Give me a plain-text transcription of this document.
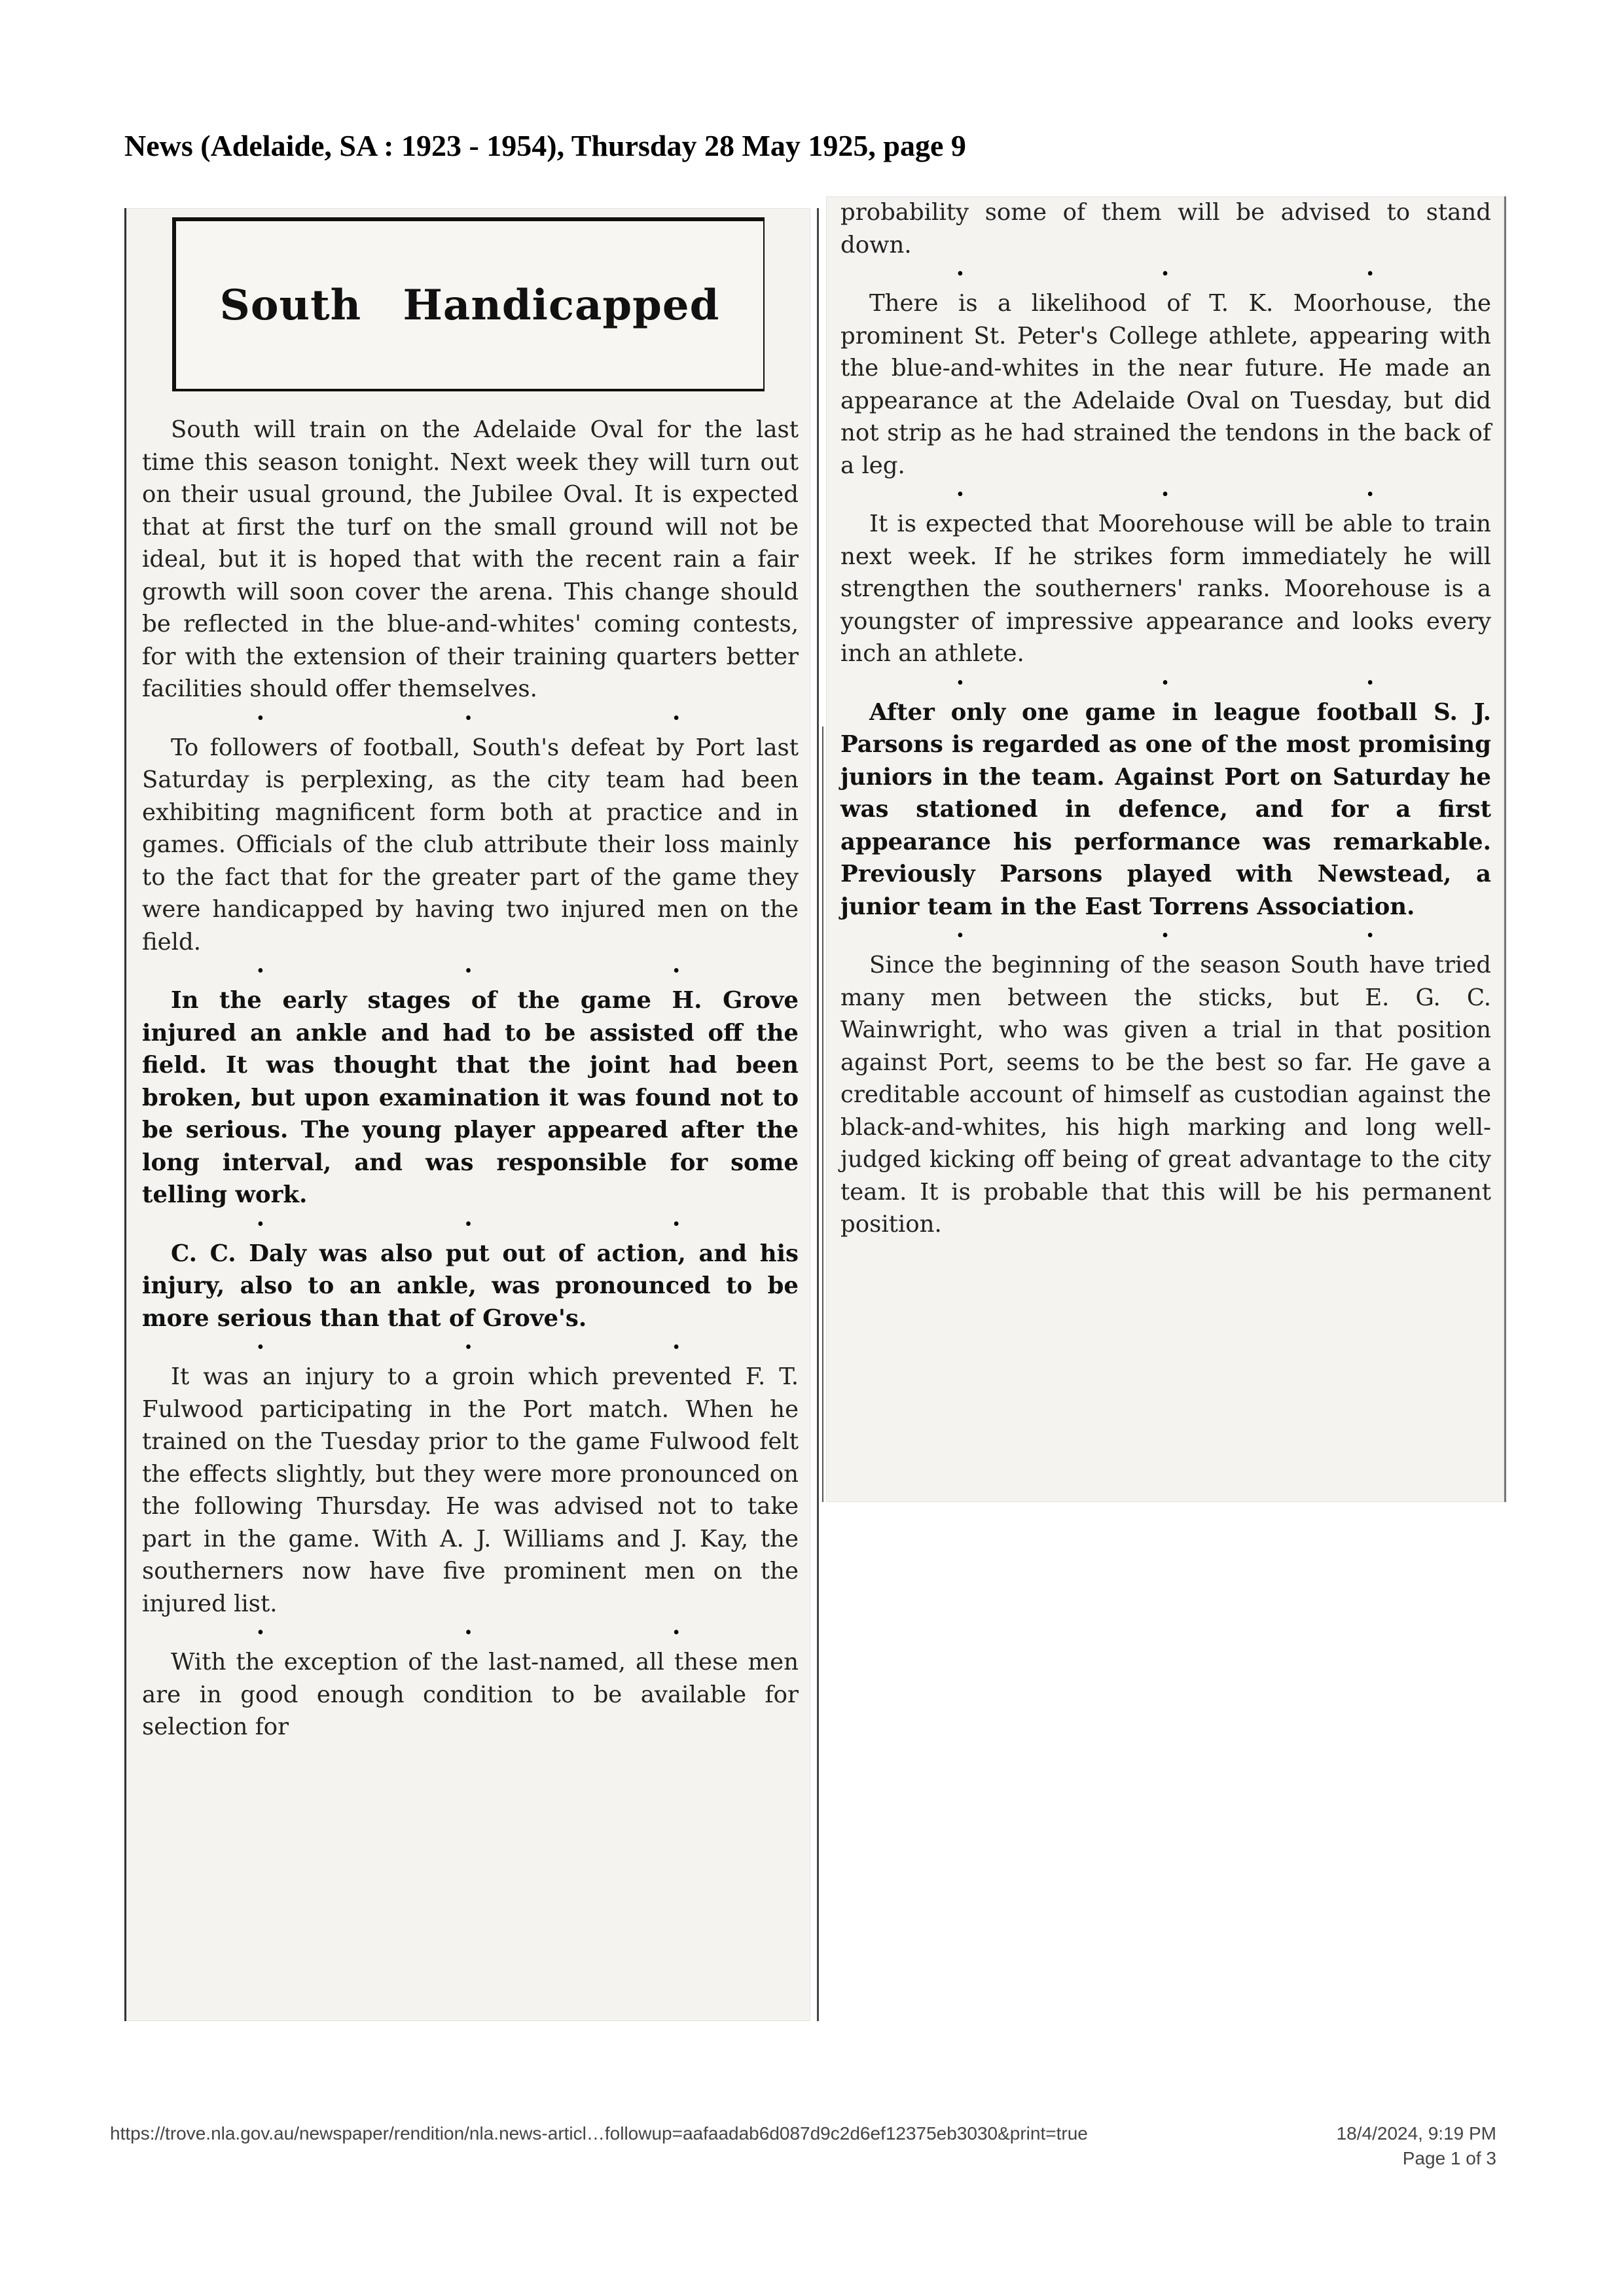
News (Adelaide, SA : 1923 - 1954), Thursday 28 May 1925, page 9
South Handicapped

South will train on the Adelaide Oval for the last time this season tonight. Next week they will turn out on their usual ground, the Jubilee Oval. It is expected that at first the turf on the small ground will not be ideal, but it is hoped that with the recent rain a fair growth will soon cover the arena. This change should be reflected in the blue-and-whites' coming contests, for with the extension of their training quarters better facilities should offer themselves.

•	•	•

To followers of football, South's defeat by Port last Saturday is perplexing, as the city team had been exhibiting magnificent form both at practice and in games. Officials of the club attribute their loss mainly to the fact that for the greater part of the game they were handicapped by having two injured men on the field.

•	•	•

In the early stages of the game H. Grove injured an ankle and had to be assisted off the field. It was thought that the joint had been broken, but upon examination it was found not to be serious. The young player appeared after the long interval, and was responsible for some telling work.

•	•	•

C. C. Daly was also put out of action, and his injury, also to an ankle, was pronounced to be more serious than that of Grove's.

•	•	•

It was an injury to a groin which prevented F. T. Fulwood participating in the Port match. When he trained on the Tuesday prior to the game Fulwood felt the effects slightly, but they were more pronounced on the following Thursday. He was advised not to take part in the game. With A. J. Williams and J. Kay, the southerners now have five prominent men on the injured list.

•	•	•

With the exception of the last-named, all these men are in good enough condition to be available for selection for

probability some of them will be advised to stand down.

•	•	•

There is a likelihood of T. K. Moorhouse, the prominent St. Peter's College athlete, appearing with the blue-and-whites in the near future. He made an appearance at the Adelaide Oval on Tuesday, but did not strip as he had strained the tendons in the back of a leg.

•	•	•

It is expected that Moorehouse will be able to train next week. If he strikes form immediately he will strengthen the southerners' ranks. Moorehouse is a youngster of impressive appearance and looks every inch an athlete.

•	•	•

After only one game in league football S. J. Parsons is regarded as one of the most promising juniors in the team. Against Port on Saturday he was stationed in defence, and for a first appearance his performance was remarkable. Previously Parsons played with Newstead, a junior team in the East Torrens Association.

•	•	•

Since the beginning of the season South have tried many men between the sticks, but E. G. C. Wainwright, who was given a trial in that position against Port, seems to be the best so far. He gave a creditable account of himself as custodian against the black-and-whites, his high marking and long well-judged kicking off being of great advantage to the city team. It is probable that this will be his permanent position.

https://trove.nla.gov.au/newspaper/rendition/nla.news-articl…followup=aafaadab6d087d9c2d6ef12375eb3030&print=true	18/4/2024, 9:19 PM
Page 1 of 3
